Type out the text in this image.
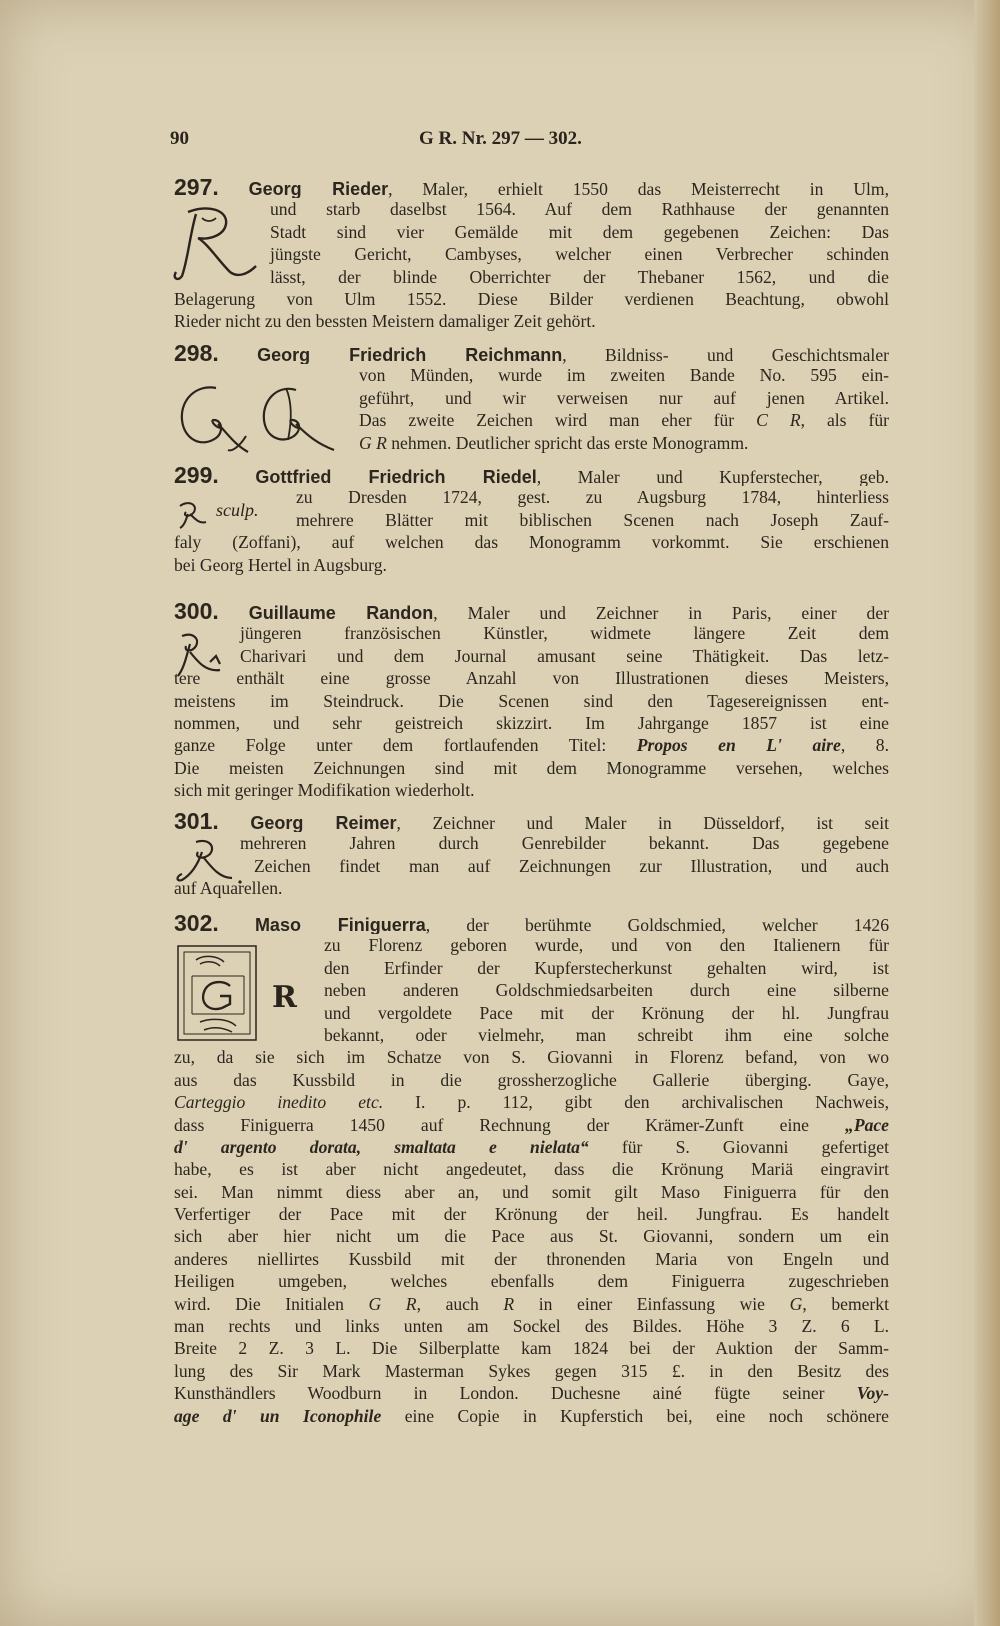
90	G R. Nr. 297 — 302.
297. Georg Rieder, Maler, erhielt 1550 das Meisterrecht in Ulm,
und starb daselbst 1564. Auf dem Rathhause der genannten
Stadt sind vier Gemälde mit dem gegebenen Zeichen: Das
jüngste Gericht, Cambyses, welcher einen Verbrecher schinden
lässt, der blinde Oberrichter der Thebaner 1562, und die
Belagerung von Ulm 1552. Diese Bilder verdienen Beachtung, obwohl
Rieder nicht zu den bessten Meistern damaliger Zeit gehört.
298. Georg Friedrich Reichmann, Bildniss- und Geschichtsmaler
von Münden, wurde im zweiten Bande No. 595 ein-
geführt, und wir verweisen nur auf jenen Artikel.
Das zweite Zeichen wird man eher für C R, als für
G R nehmen. Deutlicher spricht das erste Monogramm.
sculp.
299. Gottfried Friedrich Riedel, Maler und Kupferstecher, geb.
zu Dresden 1724, gest. zu Augsburg 1784, hinterliess
mehrere Blätter mit biblischen Scenen nach Joseph Zauf-
faly (Zoffani), auf welchen das Monogramm vorkommt. Sie erschienen
bei Georg Hertel in Augsburg.
300. Guillaume Randon, Maler und Zeichner in Paris, einer der
jüngeren französischen Künstler, widmete längere Zeit dem
Charivari und dem Journal amusant seine Thätigkeit. Das letz-
tere enthält eine grosse Anzahl von Illustrationen dieses Meisters,
meistens im Steindruck. Die Scenen sind den Tagesereignissen ent-
nommen, und sehr geistreich skizzirt. Im Jahrgange 1857 ist eine
ganze Folge unter dem fortlaufenden Titel: Propos en L' aire, 8.
Die meisten Zeichnungen sind mit dem Monogramme versehen, welches
sich mit geringer Modifikation wiederholt.
301. Georg Reimer, Zeichner und Maler in Düsseldorf, ist seit
mehreren Jahren durch Genrebilder bekannt. Das gegebene
Zeichen findet man auf Zeichnungen zur Illustration, und auch
auf Aquarellen.
R
302. Maso Finiguerra, der berühmte Goldschmied, welcher 1426
zu Florenz geboren wurde, und von den Italienern für
den Erfinder der Kupferstecherkunst gehalten wird, ist
neben anderen Goldschmiedsarbeiten durch eine silberne
und vergoldete Pace mit der Krönung der hl. Jungfrau
bekannt, oder vielmehr, man schreibt ihm eine solche
zu, da sie sich im Schatze von S. Giovanni in Florenz befand, von wo
aus das Kussbild in die grossherzogliche Gallerie überging. Gaye,
Carteggio inedito etc. I. p. 112, gibt den archivalischen Nachweis,
dass Finiguerra 1450 auf Rechnung der Krämer-Zunft eine „Pace
d' argento dorata, smaltata e nielata“ für S. Giovanni gefertiget
habe, es ist aber nicht angedeutet, dass die Krönung Mariä eingravirt
sei. Man nimmt diess aber an, und somit gilt Maso Finiguerra für den
Verfertiger der Pace mit der Krönung der heil. Jungfrau. Es handelt
sich aber hier nicht um die Pace aus St. Giovanni, sondern um ein
anderes niellirtes Kussbild mit der thronenden Maria von Engeln und
Heiligen umgeben, welches ebenfalls dem Finiguerra zugeschrieben
wird. Die Initialen G R, auch R in einer Einfassung wie G, bemerkt
man rechts und links unten am Sockel des Bildes. Höhe 3 Z. 6 L.
Breite 2 Z. 3 L. Die Silberplatte kam 1824 bei der Auktion der Samm-
lung des Sir Mark Masterman Sykes gegen 315 £. in den Besitz des
Kunsthändlers Woodburn in London. Duchesne ainé fügte seiner Voy-
age d' un Iconophile eine Copie in Kupferstich bei, eine noch schönere
